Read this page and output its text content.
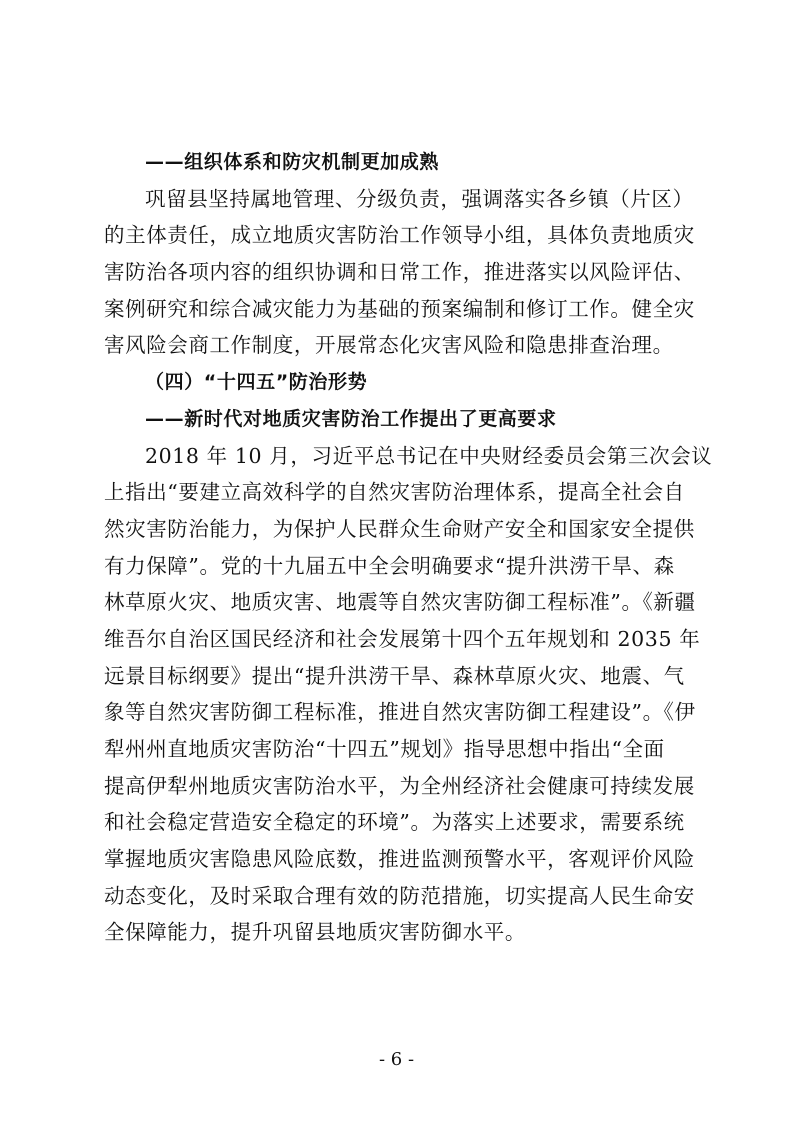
——组织体系和防灾机制更加成熟
巩留县坚持属地管理、分级负责，强调落实各乡镇（片区）
的主体责任，成立地质灾害防治工作领导小组，具体负责地质灾
害防治各项内容的组织协调和日常工作，推进落实以风险评估、
案例研究和综合减灾能力为基础的预案编制和修订工作。健全灾
害风险会商工作制度，开展常态化灾害风险和隐患排查治理。
（四）“十四五”防治形势
——新时代对地质灾害防治工作提出了更高要求
2018 年 10 月，习近平总书记在中央财经委员会第三次会议
上指出“要建立高效科学的自然灾害防治理体系，提高全社会自
然灾害防治能力，为保护人民群众生命财产安全和国家安全提供
有力保障”。党的十九届五中全会明确要求“提升洪涝干旱、森
林草原火灾、地质灾害、地震等自然灾害防御工程标准”。《新疆
维吾尔自治区国民经济和社会发展第十四个五年规划和 2035 年
远景目标纲要》提出“提升洪涝干旱、森林草原火灾、地震、气
象等自然灾害防御工程标准，推进自然灾害防御工程建设”。《伊
犁州州直地质灾害防治“十四五”规划》指导思想中指出“全面
提高伊犁州地质灾害防治水平，为全州经济社会健康可持续发展
和社会稳定营造安全稳定的环境”。为落实上述要求，需要系统
掌握地质灾害隐患风险底数，推进监测预警水平，客观评价风险
动态变化，及时采取合理有效的防范措施，切实提高人民生命安
全保障能力，提升巩留县地质灾害防御水平。
- 6 -
